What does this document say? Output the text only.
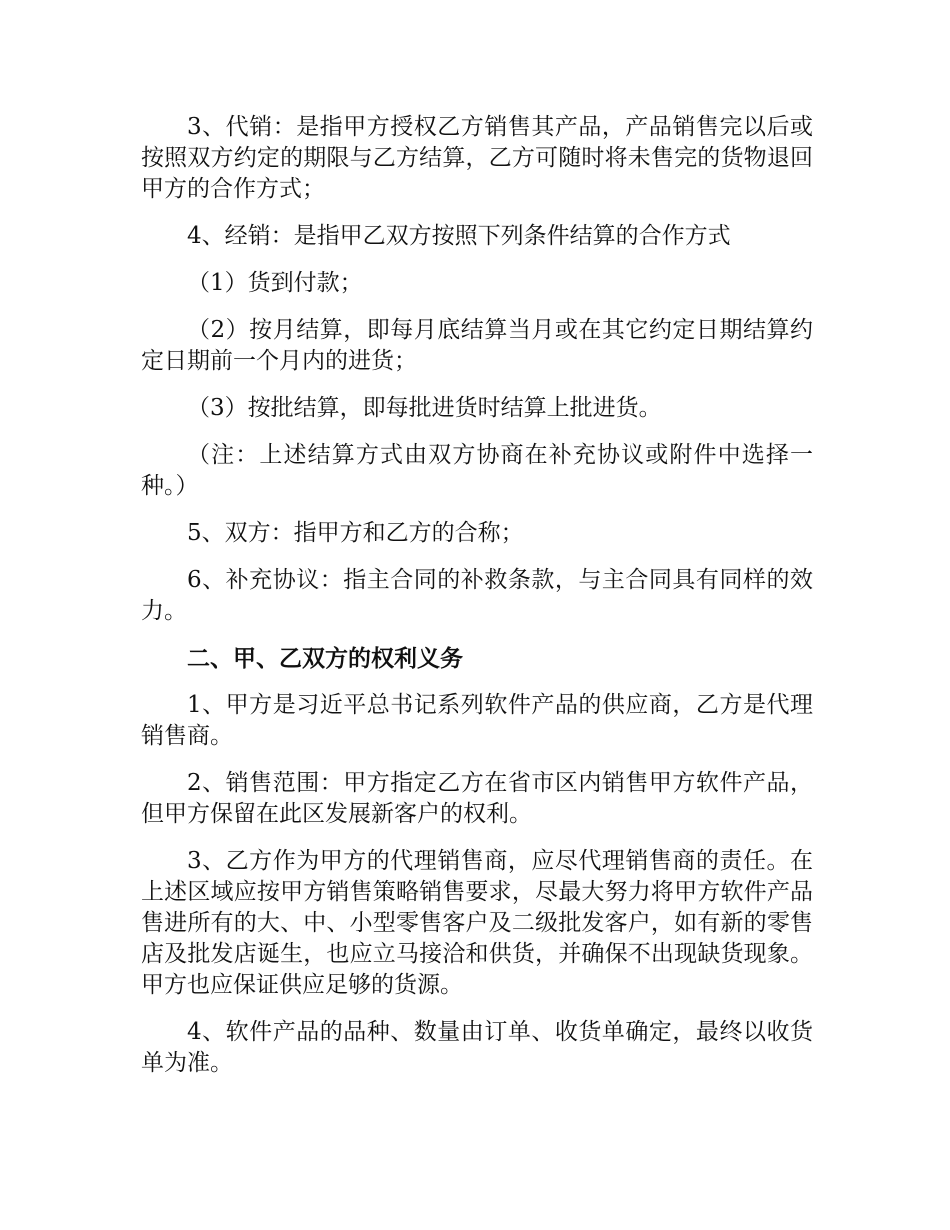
3、代销：是指甲方授权乙方销售其产品，产品销售完以后或按照双方约定的期限与乙方结算，乙方可随时将未售完的货物退回甲方的合作方式；

4、经销：是指甲乙双方按照下列条件结算的合作方式

（1）货到付款；

（2）按月结算，即每月底结算当月或在其它约定日期结算约定日期前一个月内的进货；

（3）按批结算，即每批进货时结算上批进货。

（注：上述结算方式由双方协商在补充协议或附件中选择一种。）

5、双方：指甲方和乙方的合称；

6、补充协议：指主合同的补救条款，与主合同具有同样的效力。

二、甲、乙双方的权利义务

1、甲方是习近平总书记系列软件产品的供应商，乙方是代理销售商。

2、销售范围：甲方指定乙方在省市区内销售甲方软件产品，但甲方保留在此区发展新客户的权利。

3、乙方作为甲方的代理销售商，应尽代理销售商的责任。在上述区域应按甲方销售策略销售要求，尽最大努力将甲方软件产品售进所有的大、中、小型零售客户及二级批发客户，如有新的零售店及批发店诞生，也应立马接洽和供货，并确保不出现缺货现象。甲方也应保证供应足够的货源。

4、软件产品的品种、数量由订单、收货单确定，最终以收货单为准。
